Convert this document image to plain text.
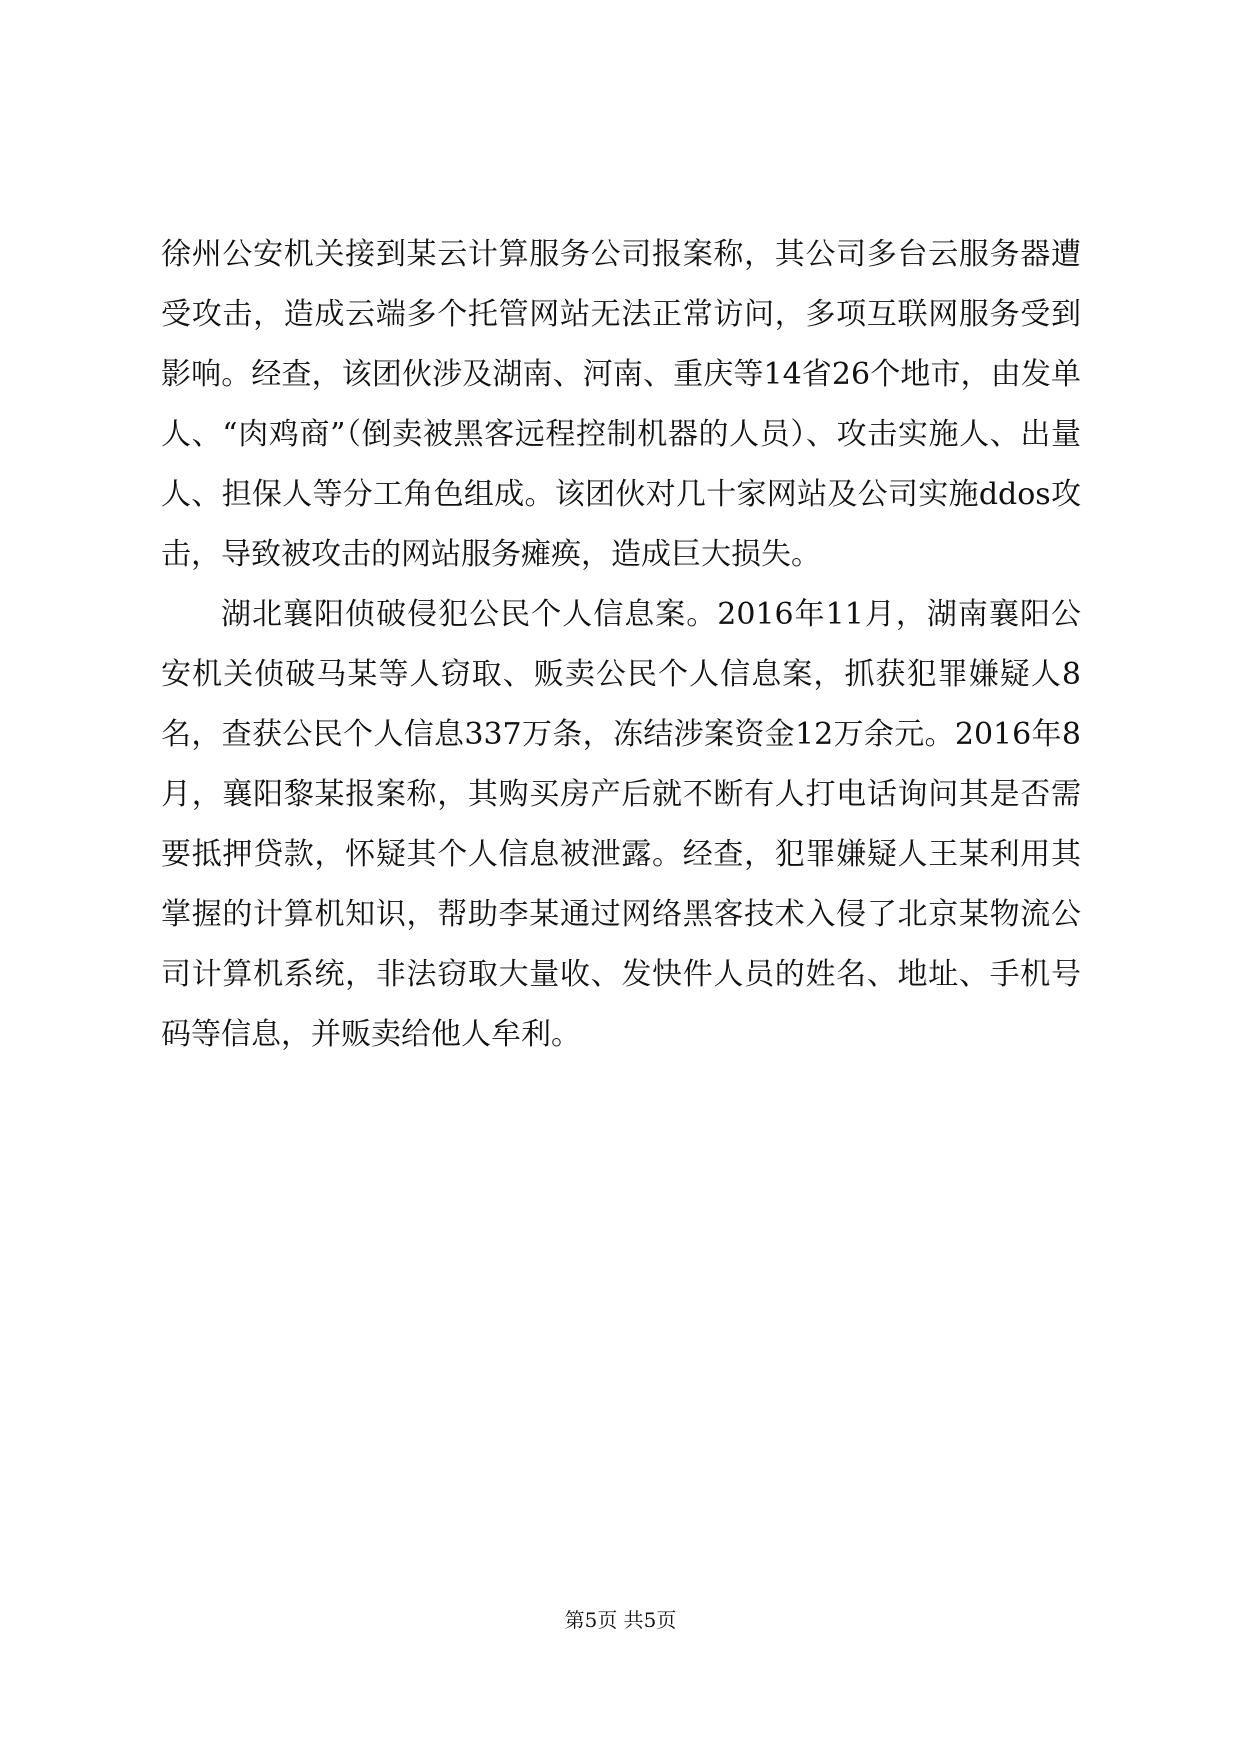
徐州公安机关接到某云计算服务公司报案称，其公司多台云服务器遭受攻击，造成云端多个托管网站无法正常访问，多项互联网服务受到影响。经查，该团伙涉及湖南、河南、重庆等14省26个地市，由发单人、“肉鸡商”（倒卖被黑客远程控制机器的人员）、攻击实施人、出量人、担保人等分工角色组成。该团伙对几十家网站及公司实施ddos攻击，导致被攻击的网站服务瘫痪，造成巨大损失。

湖北襄阳侦破侵犯公民个人信息案。2016年11月，湖南襄阳公安机关侦破马某等人窃取、贩卖公民个人信息案，抓获犯罪嫌疑人8名，查获公民个人信息337万条，冻结涉案资金12万余元。2016年8月，襄阳黎某报案称，其购买房产后就不断有人打电话询问其是否需要抵押贷款，怀疑其个人信息被泄露。经查，犯罪嫌疑人王某利用其掌握的计算机知识，帮助李某通过网络黑客技术入侵了北京某物流公司计算机系统，非法窃取大量收、发快件人员的姓名、地址、手机号码等信息，并贩卖给他人牟利。

第5页 共5页
